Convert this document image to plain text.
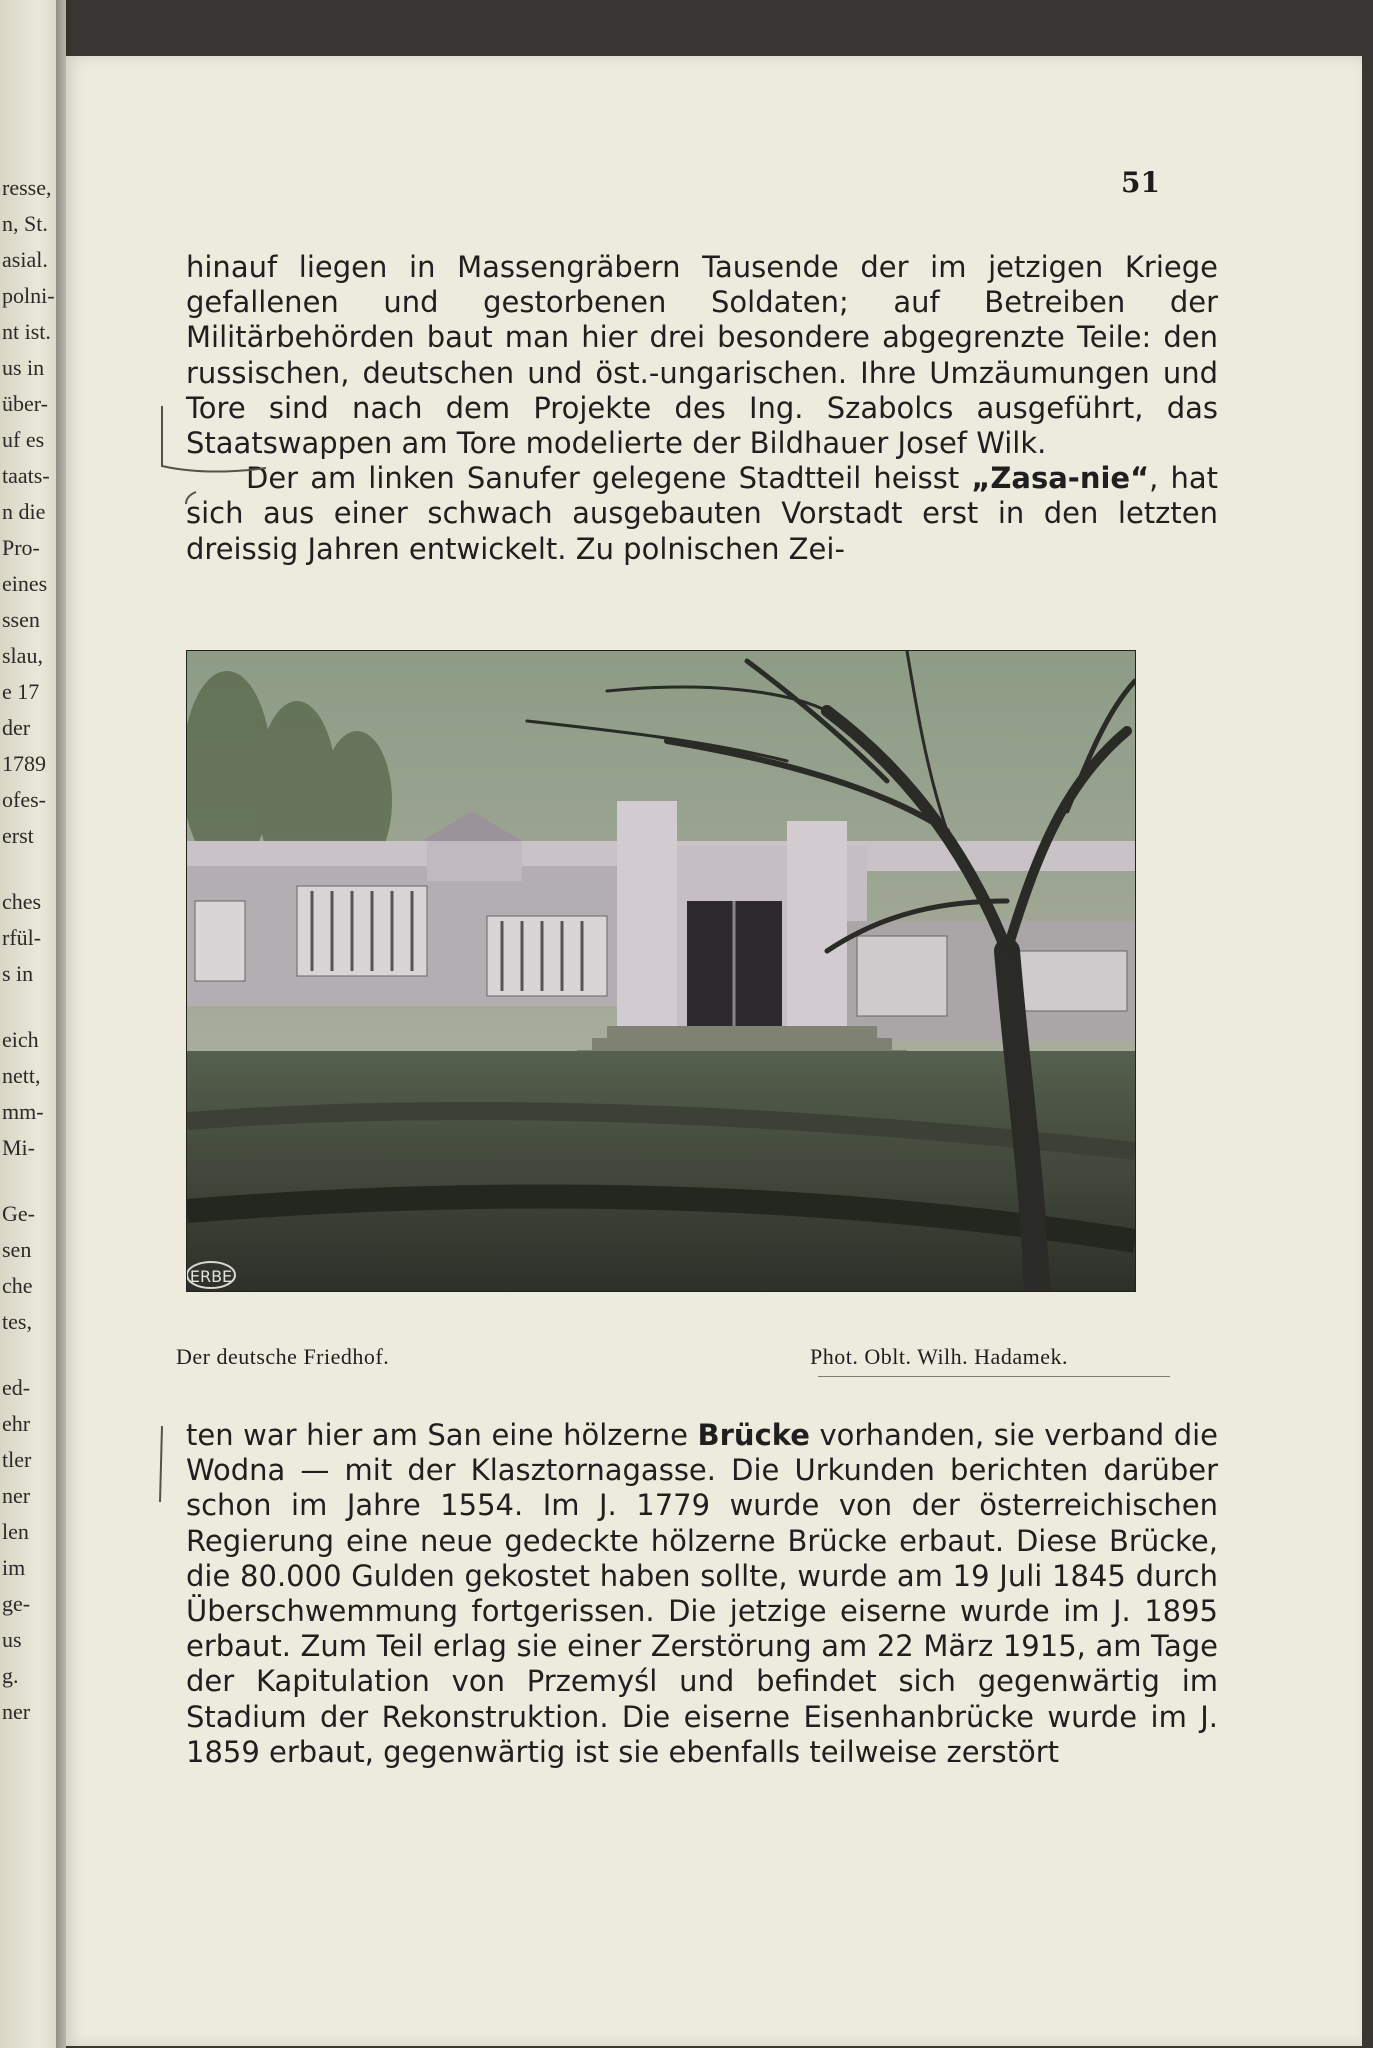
resse,
n, St.
asial.
polni-
nt ist.
us in
über-
uf es
taats-
n die
Pro-
eines
ssen
slau,
e 17
der
1789
ofes-
erst
ches
rfül-
s in
eich
nett,
mm-
Mi-
Ge-
sen
che
tes,
ed-
ehr
tler
ner
len
im
ge-
us
g.
ner
51

hinauf liegen in Massengräbern Tausende der im jetzigen Kriege gefallenen und gestorbenen Soldaten; auf Betreiben der Militärbehörden baut man hier drei besondere abgegrenzte Teile: den russischen, deutschen und öst.-ungarischen. Ihre Umzäumungen und Tore sind nach dem Projekte des Ing. Szabolcs ausgeführt, das Staatswappen am Tore modelierte der Bildhauer Josef Wilk.

Der am linken Sanufer gelegene Stadtteil heisst „Zasa-nie“, hat sich aus einer schwach ausgebauten Vorstadt erst in den letzten dreissig Jahren entwickelt. Zu polnischen Zei-

ERBE
Der deutsche Friedhof.	Phot. Oblt. Wilh. Hadamek.

ten war hier am San eine hölzerne Brücke vorhanden, sie verband die Wodna — mit der Klasztornagasse. Die Urkunden berichten darüber schon im Jahre 1554. Im J. 1779 wurde von der österreichischen Regierung eine neue gedeckte hölzerne Brücke erbaut. Diese Brücke, die 80.000 Gulden gekostet haben sollte, wurde am 19 Juli 1845 durch Überschwemmung fortgerissen. Die jetzige eiserne wurde im J. 1895 erbaut. Zum Teil erlag sie einer Zerstörung am 22 März 1915, am Tage der Kapitulation von Przemyśl und befindet sich gegenwärtig im Stadium der Rekonstruktion. Die eiserne Eisenhanbrücke wurde im J. 1859 erbaut, gegenwärtig ist sie ebenfalls teilweise zerstört
